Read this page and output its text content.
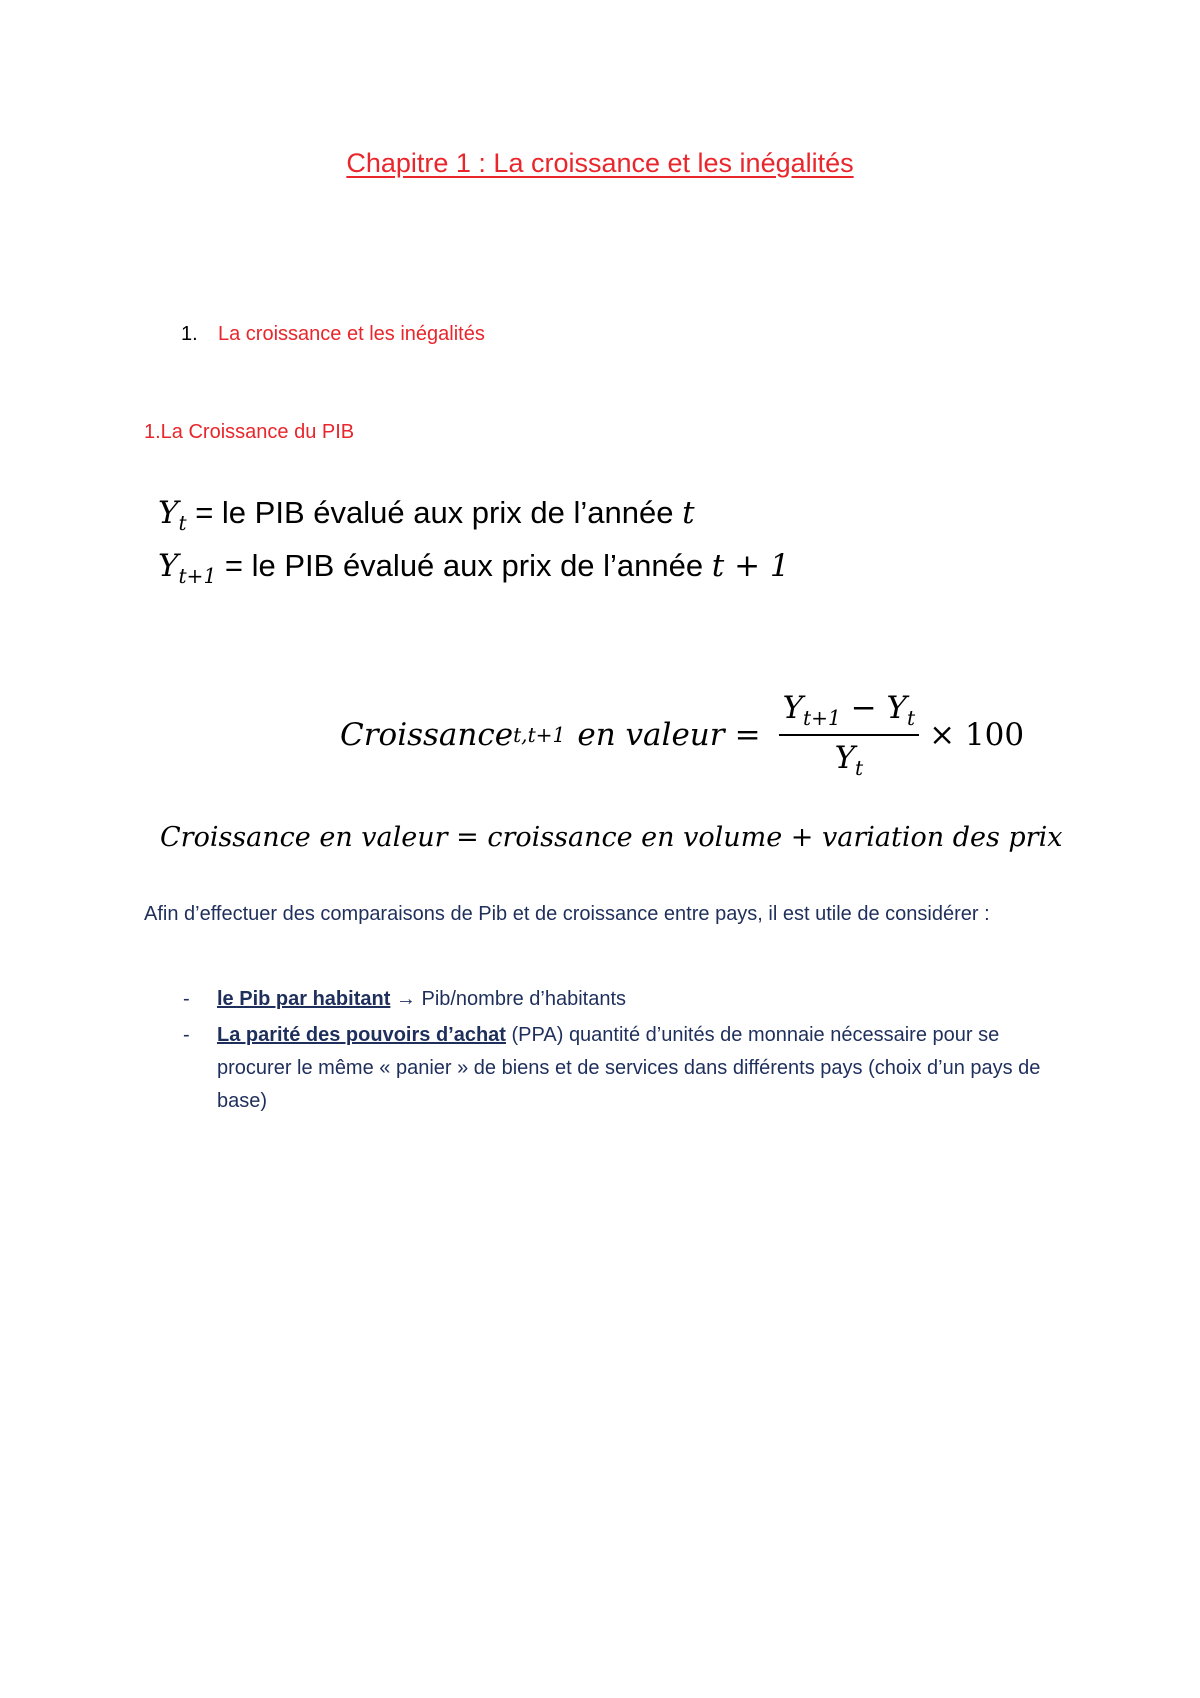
Chapitre 1 : La croissance et les inégalités
1. La croissance et les inégalités
1.La Croissance du PIB
$Y_t$ = le PIB évalué aux prix de l’année t
$Y_{t+1}$ = le PIB évalué aux prix de l’année t + 1
Croissance t,t+1 en valeur = $\frac{Y_{t+1} - Y_t}{Y_t} \times 100$
Croissance en valeur = croissance en volume + variation des prix
Afin d’effectuer des comparaisons de Pib et de croissance entre pays, il est utile de considérer :
- le Pib par habitant → Pib/nombre d’habitants
- La parité des pouvoirs d’achat (PPA) quantité d’unités de monnaie nécessaire pour se procurer le même « panier » de biens et de services dans différents pays (choix d’un pays de base)
